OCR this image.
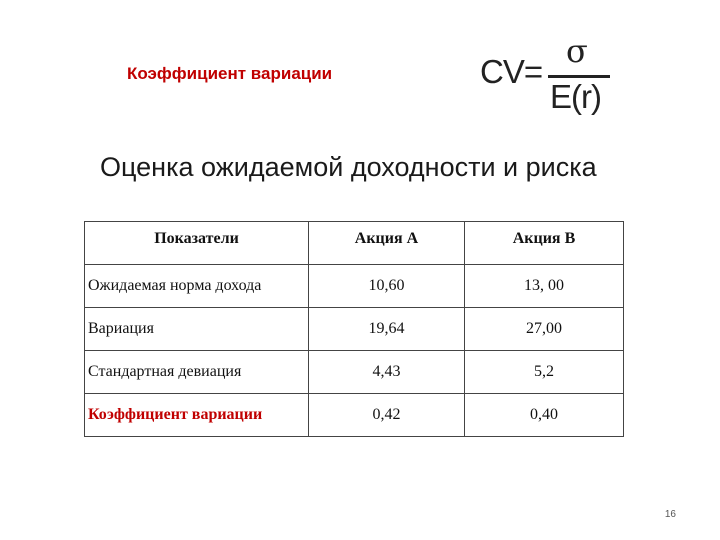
Коэффициент вариации	CV=
σ
E(r)
Оценка ожидаемой доходности и риска
Показатели	Акция А	Акция В
Ожидаемая норма дохода	10,60	13, 00
Вариация	19,64	27,00
Стандартная девиация	4,43	5,2
Коэффициент вариации	0,42	0,40
16
